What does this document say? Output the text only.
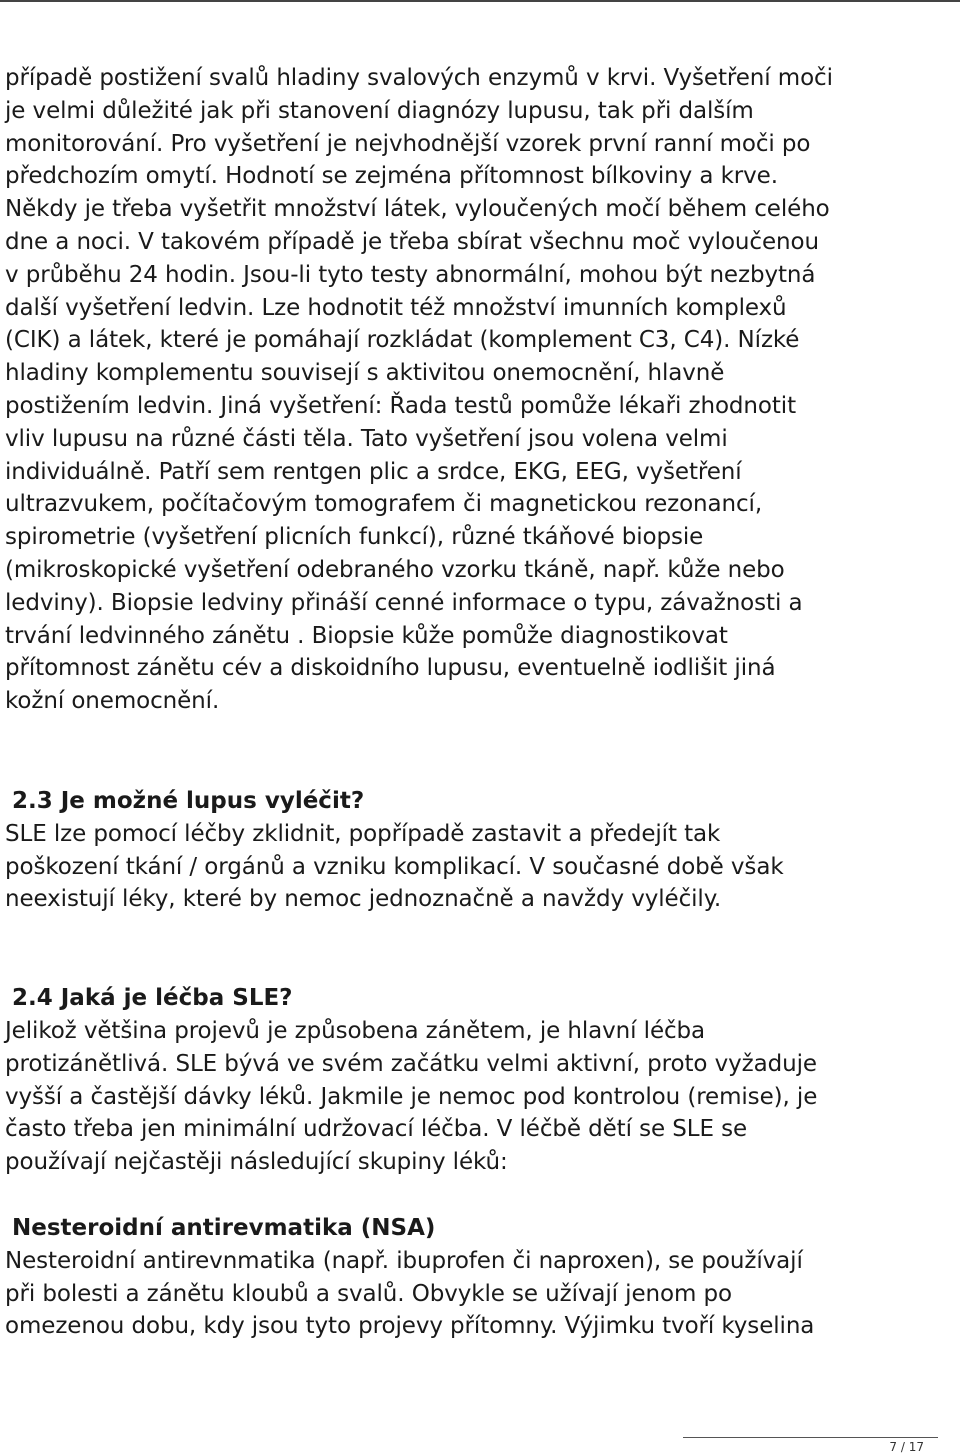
případě postižení svalů hladiny svalových enzymů v krvi. Vyšetření moči
je velmi důležité jak při stanovení diagnózy lupusu, tak při dalším
monitorování. Pro vyšetření je nejvhodnější vzorek první ranní moči po
předchozím omytí. Hodnotí se zejména přítomnost bílkoviny a krve.
Někdy je třeba vyšetřit množství látek, vyloučených močí během celého
dne a noci. V takovém případě je třeba sbírat všechnu moč vyloučenou
v průběhu 24 hodin. Jsou-li tyto testy abnormální, mohou být nezbytná
další vyšetření ledvin. Lze hodnotit též množství imunních komplexů
(CIK) a látek, které je pomáhají rozkládat (komplement C3, C4). Nízké
hladiny komplementu souvisejí s aktivitou onemocnění, hlavně
postižením ledvin. Jiná vyšetření: Řada testů pomůže lékaři zhodnotit
vliv lupusu na různé části těla. Tato vyšetření jsou volena velmi
individuálně. Patří sem rentgen plic a srdce, EKG, EEG, vyšetření
ultrazvukem, počítačovým tomografem či magnetickou rezonancí,
spirometrie (vyšetření plicních funkcí), různé tkáňové biopsie
(mikroskopické vyšetření odebraného vzorku tkáně, např. kůže nebo
ledviny). Biopsie ledviny přináší cenné informace o typu, závažnosti a
trvání ledvinného zánětu . Biopsie kůže pomůže diagnostikovat
přítomnost zánětu cév a diskoidního lupusu, eventuelně iodlišit jiná
kožní onemocnění.

2.3 Je možné lupus vyléčit?

SLE lze pomocí léčby zklidnit, popřípadě zastavit a předejít tak
poškození tkání / orgánů a vzniku komplikací. V současné době však
neexistují léky, které by nemoc jednoznačně a navždy vyléčily.

2.4 Jaká je léčba SLE?

Jelikož většina projevů je způsobena zánětem, je hlavní léčba
protizánětlivá. SLE bývá ve svém začátku velmi aktivní, proto vyžaduje
vyšší a častější dávky léků. Jakmile je nemoc pod kontrolou (remise), je
často třeba jen minimální udržovací léčba. V léčbě dětí se SLE se
používají nejčastěji následující skupiny léků:

Nesteroidní antirevmatika (NSA)

Nesteroidní antirevnmatika (např. ibuprofen či naproxen), se používají
při bolesti a zánětu kloubů a svalů. Obvykle se užívají jenom po
omezenou dobu, kdy jsou tyto projevy přítomny. Výjimku tvoří kyselina

7 / 17
